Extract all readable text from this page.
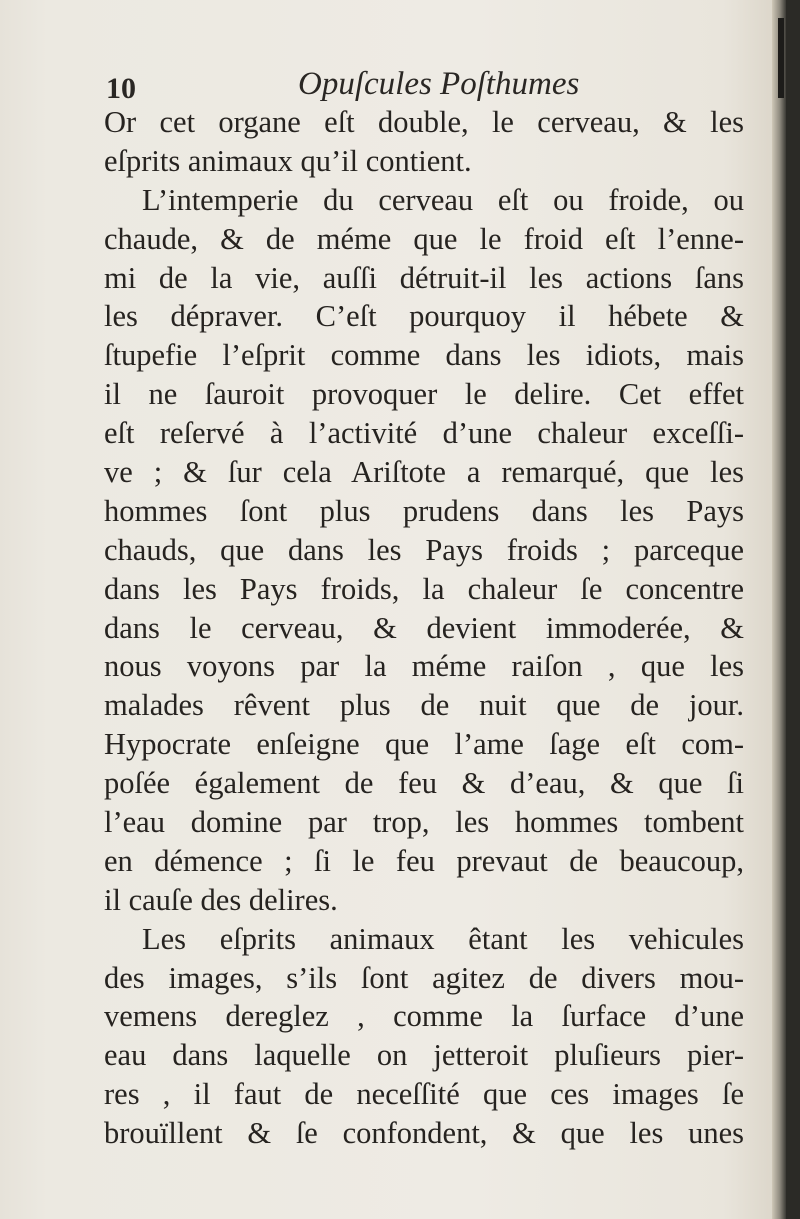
10	Opuſcules Poſthumes
Or cet organe eſt double, le cerveau, & les
eſprits animaux qu’il contient.
L’intemperie du cerveau eſt ou froide, ou
chaude, & de méme que le froid eſt l’enne-
mi de la vie, auſſi détruit-il les actions ſans
les dépraver. C’eſt pourquoy il hébete &
ſtupefie l’eſprit comme dans les idiots, mais
il ne ſauroit provoquer le delire. Cet effet
eſt reſervé à l’activité d’une chaleur exceſſi-
ve ; & ſur cela Ariſtote a remarqué, que les
hommes ſont plus prudens dans les Pays
chauds, que dans les Pays froids ; parceque
dans les Pays froids, la chaleur ſe concentre
dans le cerveau, & devient immoderée, &
nous voyons par la méme raiſon , que les
malades rêvent plus de nuit que de jour.
Hypocrate enſeigne que l’ame ſage eſt com-
poſée également de feu & d’eau, & que ſi
l’eau domine par trop, les hommes tombent
en démence ; ſi le feu prevaut de beaucoup,
il cauſe des delires.
Les eſprits animaux êtant les vehicules
des images, s’ils ſont agitez de divers mou-
vemens dereglez , comme la ſurface d’une
eau dans laquelle on jetteroit pluſieurs pier-
res , il faut de neceſſité que ces images ſe
brouïllent & ſe confondent, & que les unes
